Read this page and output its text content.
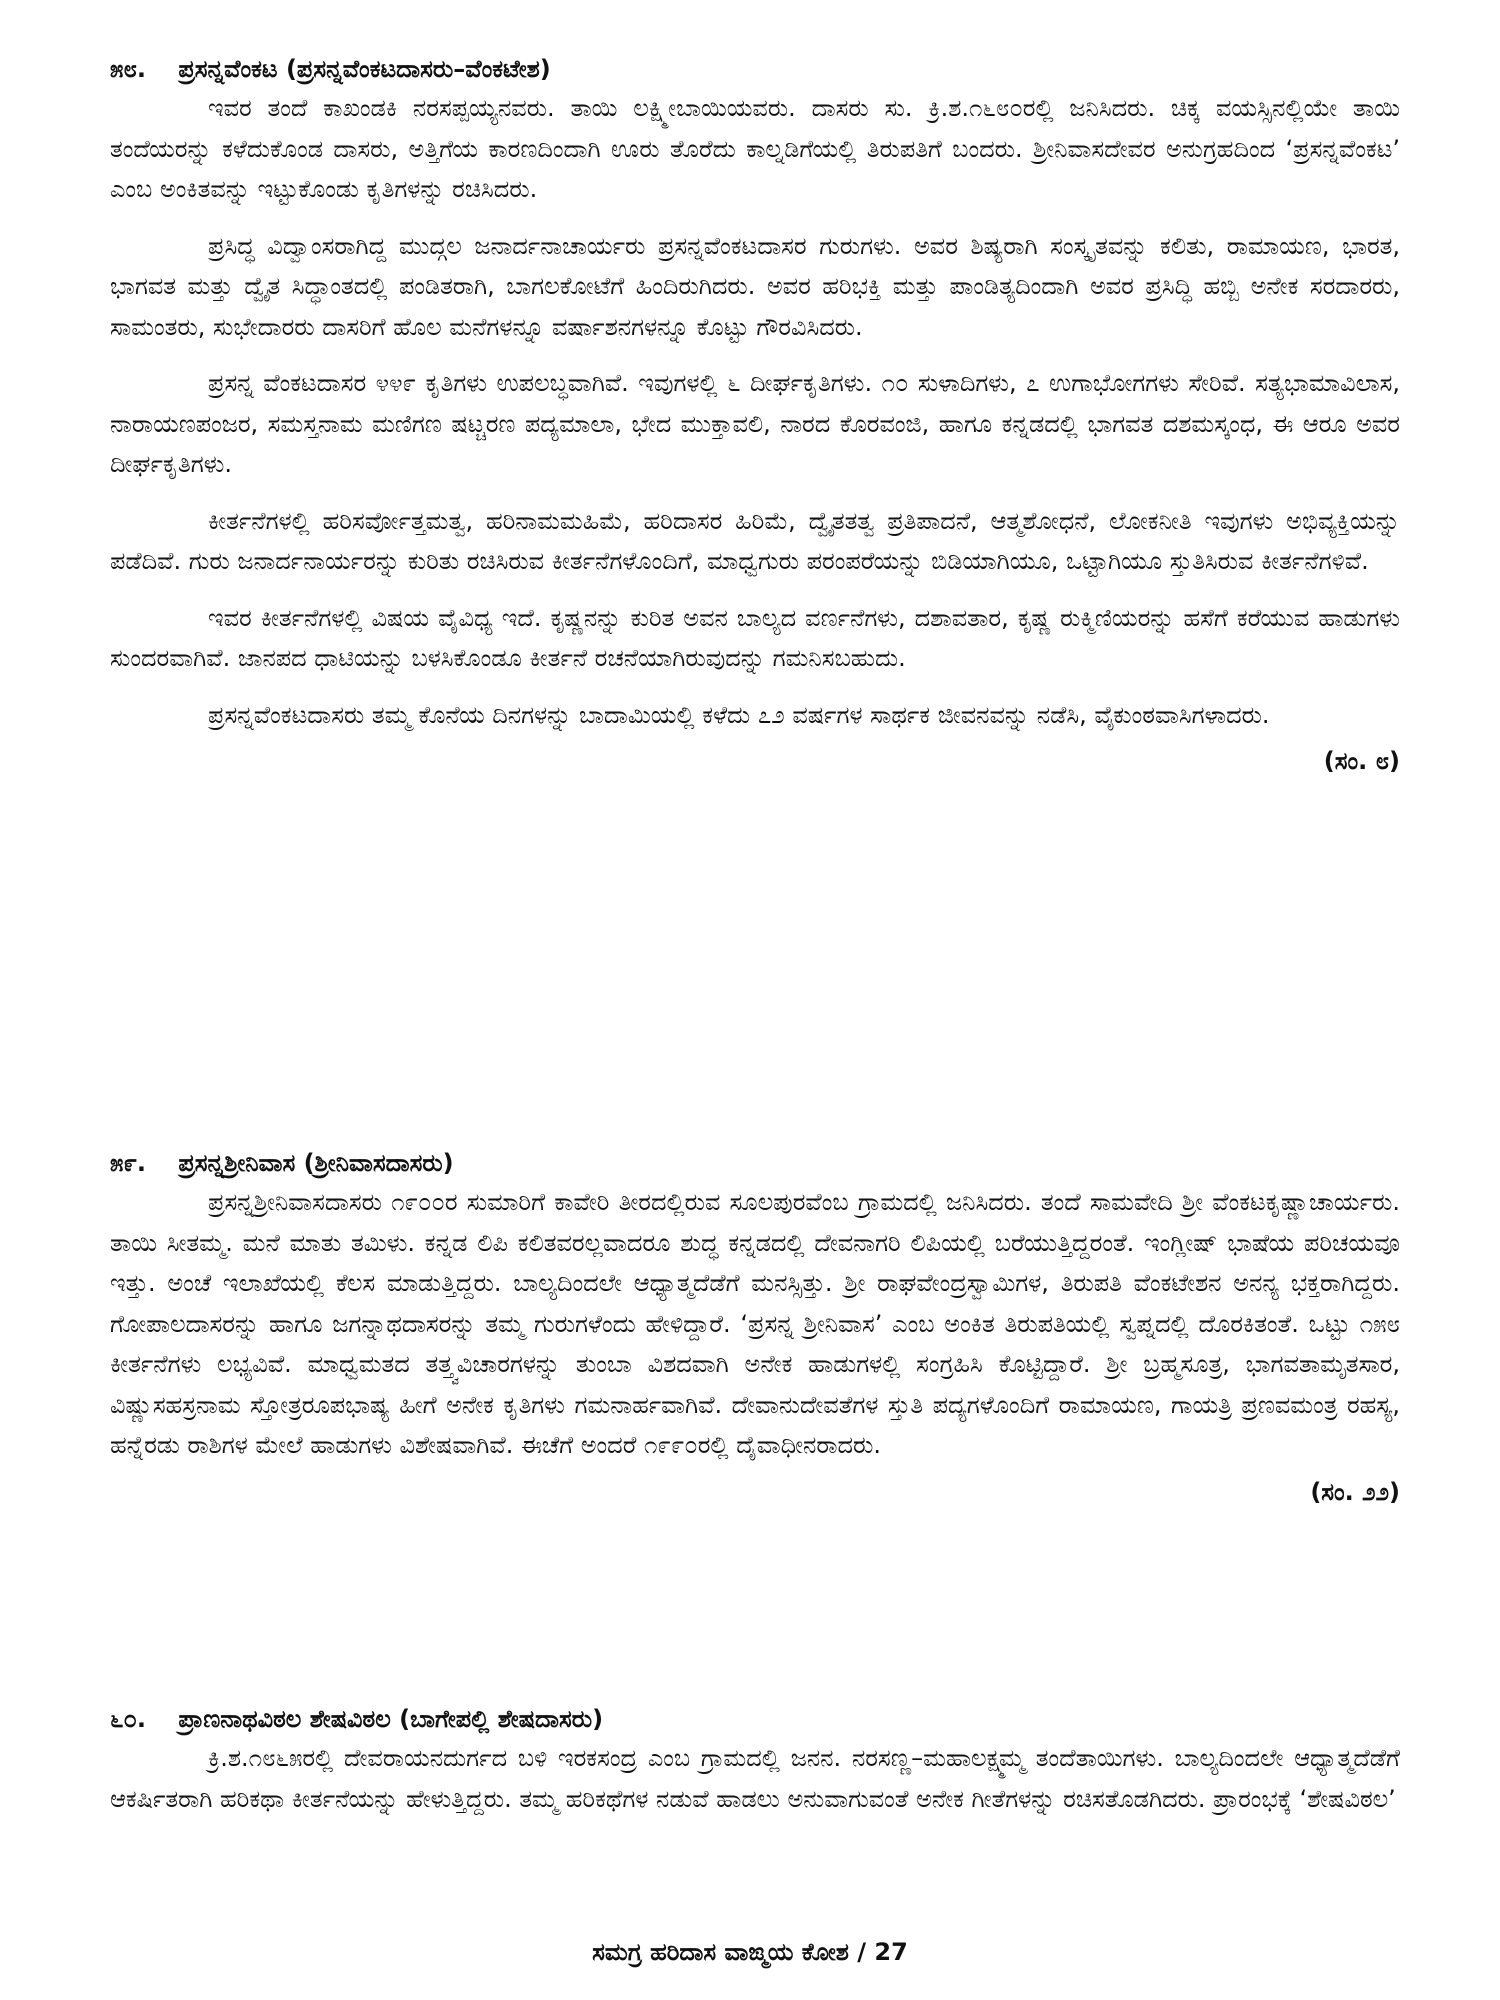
೫೮. ಪ್ರಸನ್ನವೆಂಕಟ (ಪ್ರಸನ್ನವೆಂಕಟದಾಸರು–ವೆಂಕಟೇಶ)

ಇವರ ತಂದೆ ಕಾಖಂಡಕಿ ನರಸಪ್ಪಯ್ಯನವರು. ತಾಯಿ ಲಕ್ಷ್ಮೀಬಾಯಿಯವರು. ದಾಸರು ಸು. ಕ್ರಿ.ಶ.೧೬೮೦ರಲ್ಲಿ ಜನಿಸಿದರು. ಚಿಕ್ಕ ವಯಸ್ಸಿನಲ್ಲಿಯೇ ತಾಯಿ ತಂದೆಯರನ್ನು ಕಳೆದುಕೊಂಡ ದಾಸರು, ಅತ್ತಿಗೆಯ ಕಾರಣದಿಂದಾಗಿ ಊರು ತೊರೆದು ಕಾಲ್ನಡಿಗೆಯಲ್ಲಿ ತಿರುಪತಿಗೆ ಬಂದರು. ಶ್ರೀನಿವಾಸದೇವರ ಅನುಗ್ರಹದಿಂದ ‘ಪ್ರಸನ್ನವೆಂಕಟ’ ಎಂಬ ಅಂಕಿತವನ್ನು ಇಟ್ಟುಕೊಂಡು ಕೃತಿಗಳನ್ನು ರಚಿಸಿದರು.

ಪ್ರಸಿದ್ಧ ವಿದ್ವಾಂಸರಾಗಿದ್ದ ಮುದ್ಗಲ ಜನಾರ್ದನಾಚಾರ್ಯರು ಪ್ರಸನ್ನವೆಂಕಟದಾಸರ ಗುರುಗಳು. ಅವರ ಶಿಷ್ಯರಾಗಿ ಸಂಸ್ಕೃತವನ್ನು ಕಲಿತು, ರಾಮಾಯಣ, ಭಾರತ, ಭಾಗವತ ಮತ್ತು ದ್ವೈತ ಸಿದ್ಧಾಂತದಲ್ಲಿ ಪಂಡಿತರಾಗಿ, ಬಾಗಲಕೋಟೆಗೆ ಹಿಂದಿರುಗಿದರು. ಅವರ ಹರಿಭಕ್ತಿ ಮತ್ತು ಪಾಂಡಿತ್ಯದಿಂದಾಗಿ ಅವರ ಪ್ರಸಿದ್ಧಿ ಹಬ್ಬಿ ಅನೇಕ ಸರದಾರರು, ಸಾಮಂತರು, ಸುಭೇದಾರರು ದಾಸರಿಗೆ ಹೊಲ ಮನೆಗಳನ್ನೂ ವರ್ಷಾಶನಗಳನ್ನೂ ಕೊಟ್ಟು ಗೌರವಿಸಿದರು.

ಪ್ರಸನ್ನ ವೆಂಕಟದಾಸರ ೪೪೯ ಕೃತಿಗಳು ಉಪಲಬ್ಧವಾಗಿವೆ. ಇವುಗಳಲ್ಲಿ ೬ ದೀರ್ಘಕೃತಿಗಳು. ೧೦ ಸುಳಾದಿಗಳು, ೭ ಉಗಾಭೋಗಗಳು ಸೇರಿವೆ. ಸತ್ಯಭಾಮಾವಿಲಾಸ, ನಾರಾಯಣಪಂಜರ, ಸಮಸ್ತನಾಮ ಮಣಿಗಣ ಷಟ್ಚರಣ ಪದ್ಯಮಾಲಾ, ಭೇದ ಮುಕ್ತಾವಲಿ, ನಾರದ ಕೊರವಂಜಿ, ಹಾಗೂ ಕನ್ನಡದಲ್ಲಿ ಭಾಗವತ ದಶಮಸ್ಕಂಧ, ಈ ಆರೂ ಅವರ ದೀರ್ಘಕೃತಿಗಳು.

ಕೀರ್ತನೆಗಳಲ್ಲಿ ಹರಿಸರ್ವೋತ್ತಮತ್ವ, ಹರಿನಾಮಮಹಿಮೆ, ಹರಿದಾಸರ ಹಿರಿಮೆ, ದ್ವೈತತತ್ವ ಪ್ರತಿಪಾದನೆ, ಆತ್ಮಶೋಧನೆ, ಲೋಕನೀತಿ ಇವುಗಳು ಅಭಿವ್ಯಕ್ತಿಯನ್ನು ಪಡೆದಿವೆ. ಗುರು ಜನಾರ್ದನಾರ್ಯರನ್ನು ಕುರಿತು ರಚಿಸಿರುವ ಕೀರ್ತನೆಗಳೊಂದಿಗೆ, ಮಾಧ್ವಗುರು ಪರಂಪರೆಯನ್ನು ಬಿಡಿಯಾಗಿಯೂ, ಒಟ್ಟಾಗಿಯೂ ಸ್ತುತಿಸಿರುವ ಕೀರ್ತನೆಗಳಿವೆ.

ಇವರ ಕೀರ್ತನೆಗಳಲ್ಲಿ ವಿಷಯ ವೈವಿಧ್ಯ ಇದೆ. ಕೃಷ್ಣನನ್ನು ಕುರಿತ ಅವನ ಬಾಲ್ಯದ ವರ್ಣನೆಗಳು, ದಶಾವತಾರ, ಕೃಷ್ಣ ರುಕ್ಮಿಣಿಯರನ್ನು ಹಸೆಗೆ ಕರೆಯುವ ಹಾಡುಗಳು ಸುಂದರವಾಗಿವೆ. ಜಾನಪದ ಧಾಟಿಯನ್ನು ಬಳಸಿಕೊಂಡೂ ಕೀರ್ತನೆ ರಚನೆಯಾಗಿರುವುದನ್ನು ಗಮನಿಸಬಹುದು.

ಪ್ರಸನ್ನವೆಂಕಟದಾಸರು ತಮ್ಮ ಕೊನೆಯ ದಿನಗಳನ್ನು ಬಾದಾಮಿಯಲ್ಲಿ ಕಳೆದು ೭೨ ವರ್ಷಗಳ ಸಾರ್ಥಕ ಜೀವನವನ್ನು ನಡೆಸಿ, ವೈಕುಂಠವಾಸಿಗಳಾದರು.

(ಸಂ. ೮)

೫೯. ಪ್ರಸನ್ನಶ್ರೀನಿವಾಸ (ಶ್ರೀನಿವಾಸದಾಸರು)

ಪ್ರಸನ್ನಶ್ರೀನಿವಾಸದಾಸರು ೧೯೦೦ರ ಸುಮಾರಿಗೆ ಕಾವೇರಿ ತೀರದಲ್ಲಿರುವ ಸೂಲಪುರವೆಂಬ ಗ್ರಾಮದಲ್ಲಿ ಜನಿಸಿದರು. ತಂದೆ ಸಾಮವೇದಿ ಶ್ರೀ ವೆಂಕಟಕೃಷ್ಣಾಚಾರ್ಯರು. ತಾಯಿ ಸೀತಮ್ಮ. ಮನೆ ಮಾತು ತಮಿಳು. ಕನ್ನಡ ಲಿಪಿ ಕಲಿತವರಲ್ಲವಾದರೂ ಶುದ್ಧ ಕನ್ನಡದಲ್ಲಿ ದೇವನಾಗರಿ ಲಿಪಿಯಲ್ಲಿ ಬರೆಯುತ್ತಿದ್ದರಂತೆ. ಇಂಗ್ಲೀಷ್ ಭಾಷೆಯ ಪರಿಚಯವೂ ಇತ್ತು. ಅಂಚೆ ಇಲಾಖೆಯಲ್ಲಿ ಕೆಲಸ ಮಾಡುತ್ತಿದ್ದರು. ಬಾಲ್ಯದಿಂದಲೇ ಆಧ್ಯಾತ್ಮದೆಡೆಗೆ ಮನಸ್ಸಿತ್ತು. ಶ್ರೀ ರಾಘವೇಂದ್ರಸ್ವಾಮಿಗಳ, ತಿರುಪತಿ ವೆಂಕಟೇಶನ ಅನನ್ಯ ಭಕ್ತರಾಗಿದ್ದರು. ಗೋಪಾಲದಾಸರನ್ನು ಹಾಗೂ ಜಗನ್ನಾಥದಾಸರನ್ನು ತಮ್ಮ ಗುರುಗಳೆಂದು ಹೇಳಿದ್ದಾರೆ. ‘ಪ್ರಸನ್ನ ಶ್ರೀನಿವಾಸ’ ಎಂಬ ಅಂಕಿತ ತಿರುಪತಿಯಲ್ಲಿ ಸ್ವಪ್ನದಲ್ಲಿ ದೊರಕಿತಂತೆ. ಒಟ್ಟು ೧೫೮ ಕೀರ್ತನೆಗಳು ಲಭ್ಯವಿವೆ. ಮಾಧ್ವಮತದ ತತ್ತ್ವವಿಚಾರಗಳನ್ನು ತುಂಬಾ ವಿಶದವಾಗಿ ಅನೇಕ ಹಾಡುಗಳಲ್ಲಿ ಸಂಗ್ರಹಿಸಿ ಕೊಟ್ಟಿದ್ದಾರೆ. ಶ್ರೀ ಬ್ರಹ್ಮಸೂತ್ರ, ಭಾಗವತಾಮೃತಸಾರ, ವಿಷ್ಣುಸಹಸ್ರನಾಮ ಸ್ತೋತ್ರರೂಪಭಾಷ್ಯ ಹೀಗೆ ಅನೇಕ ಕೃತಿಗಳು ಗಮನಾರ್ಹವಾಗಿವೆ. ದೇವಾನುದೇವತೆಗಳ ಸ್ತುತಿ ಪದ್ಯಗಳೊಂದಿಗೆ ರಾಮಾಯಣ, ಗಾಯತ್ರಿ ಪ್ರಣವಮಂತ್ರ ರಹಸ್ಯ, ಹನ್ನೆರಡು ರಾಶಿಗಳ ಮೇಲೆ ಹಾಡುಗಳು ವಿಶೇಷವಾಗಿವೆ. ಈಚೆಗೆ ಅಂದರೆ ೧೯೯೦ರಲ್ಲಿ ದೈವಾಧೀನರಾದರು.

(ಸಂ. ೨೨)

೬೦. ಪ್ರಾಣನಾಥವಿಠಲ ಶೇಷವಿಠಲ (ಬಾಗೇಪಲ್ಲಿ ಶೇಷದಾಸರು)

ಕ್ರಿ.ಶ.೧೮೬೫ರಲ್ಲಿ ದೇವರಾಯನದುರ್ಗದ ಬಳಿ ಇರಕಸಂದ್ರ ಎಂಬ ಗ್ರಾಮದಲ್ಲಿ ಜನನ. ನರಸಣ್ಣ–ಮಹಾಲಕ್ಷ್ಮಮ್ಮ ತಂದೆತಾಯಿಗಳು. ಬಾಲ್ಯದಿಂದಲೇ ಆಧ್ಯಾತ್ಮದೆಡೆಗೆ ಆಕರ್ಷಿತರಾಗಿ ಹರಿಕಥಾ ಕೀರ್ತನೆಯನ್ನು ಹೇಳುತ್ತಿದ್ದರು. ತಮ್ಮ ಹರಿಕಥೆಗಳ ನಡುವೆ ಹಾಡಲು ಅನುವಾಗುವಂತೆ ಅನೇಕ ಗೀತೆಗಳನ್ನು ರಚಿಸತೊಡಗಿದರು. ಪ್ರಾರಂಭಕ್ಕೆ ‘ಶೇಷವಿಠಲ’

ಸಮಗ್ರ ಹರಿದಾಸ ವಾಙ್ಮಯ ಕೋಶ / 27
